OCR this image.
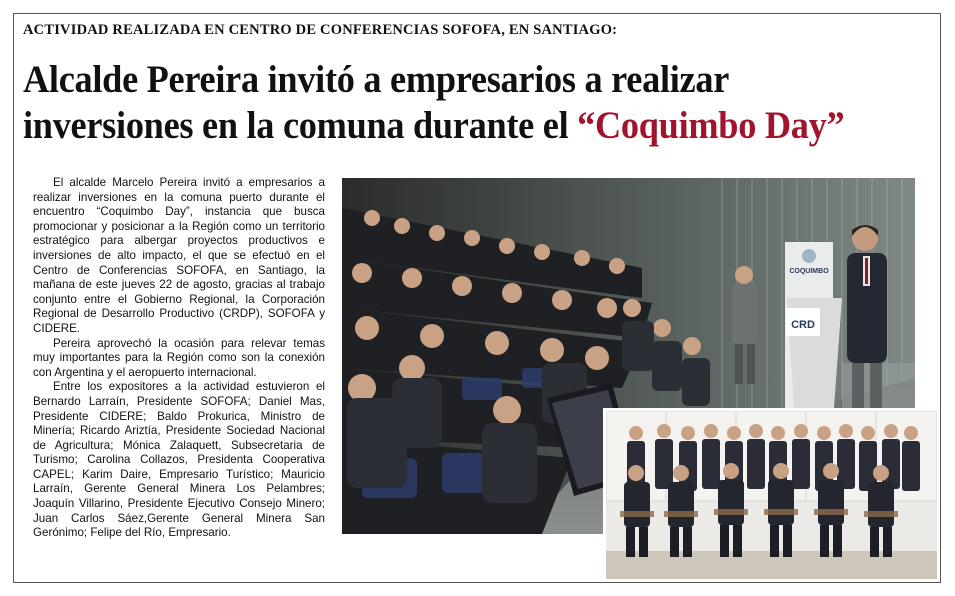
ACTIVIDAD REALIZADA EN CENTRO DE CONFERENCIAS SOFOFA, EN SANTIAGO:
Alcalde Pereira invitó a empresarios a realizar
inversiones en la comuna durante el “Coquimbo Day”

El alcalde Marcelo Pereira invitó a empresarios a realizar inversiones en la comuna puerto durante el encuentro “Coquimbo Day”, instancia que busca promocionar y posicionar a la Región como un territorio estratégico para albergar proyectos productivos e inversiones de alto impacto, el que se efectuó en el Centro de Conferencias SOFOFA, en Santiago, la mañana de este jueves 22 de agosto, gracias al trabajo conjunto entre el Gobierno Regional, la Corporación Regional de Desarrollo Productivo (CRDP), SOFOFA y CIDERE.

Pereira aprovechó la ocasión para relevar temas muy importantes para la Región como son la conexión con Argentina y el aeropuerto internacional.

Entre los expositores a la actividad estuvieron el Bernardo Larraín, Presidente SOFOFA; Daniel Mas, Presidente CIDERE; Baldo Prokurica, Ministro de Minería; Ricardo Ariztía, Presidente Sociedad Nacional de Agricultura; Mónica Zalaquett, Subsecretaria de Turismo; Carolina Collazos, Presidenta Cooperativa CAPEL; Karim Daire, Empresario Turístico; Mauricio Larraín, Gerente General Minera Los Pelambres; Joaquín Villarino, Presidente Ejecutivo Consejo Minero; Juan Carlos Sáez,Gerente General Minera San Gerónimo; Felipe del Río, Empresario.

COQUIMBO
CRD
